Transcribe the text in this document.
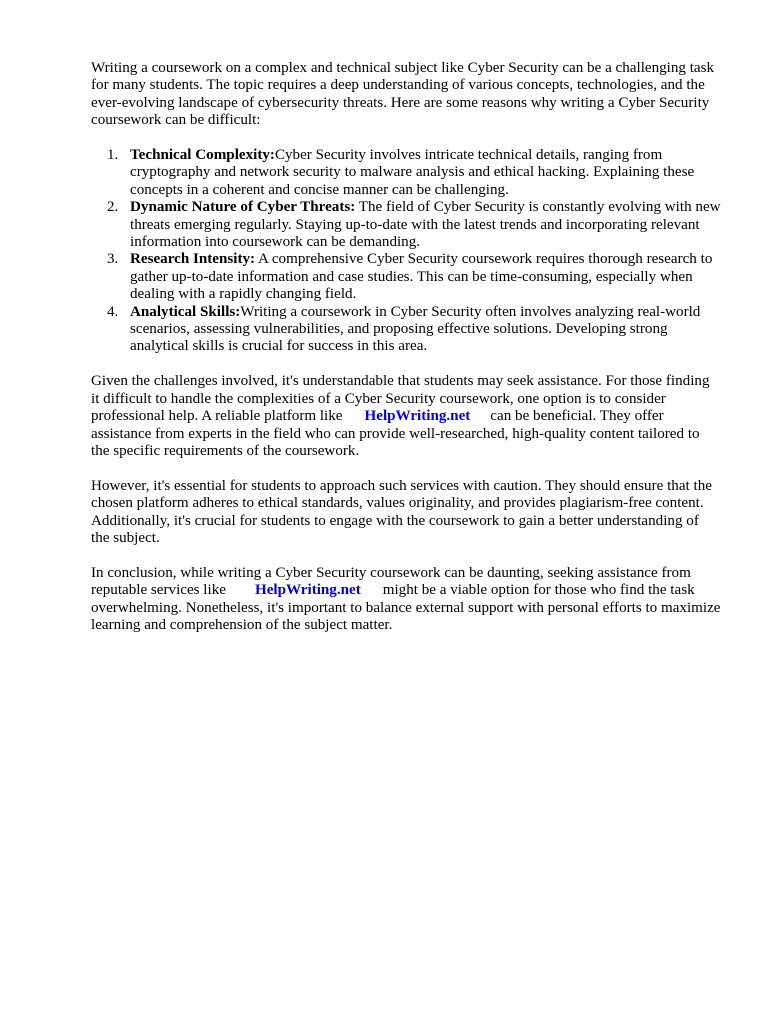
Writing a coursework on a complex and technical subject like Cyber Security can be a challenging task for many students. The topic requires a deep understanding of various concepts, technologies, and the ever-evolving landscape of cybersecurity threats. Here are some reasons why writing a Cyber Security coursework can be difficult:

1. Technical Complexity:Cyber Security involves intricate technical details, ranging from cryptography and network security to malware analysis and ethical hacking. Explaining these concepts in a coherent and concise manner can be challenging.
2. Dynamic Nature of Cyber Threats: The field of Cyber Security is constantly evolving with new threats emerging regularly. Staying up-to-date with the latest trends and incorporating relevant information into coursework can be demanding.
3. Research Intensity: A comprehensive Cyber Security coursework requires thorough research to gather up-to-date information and case studies. This can be time-consuming, especially when dealing with a rapidly changing field.
4. Analytical Skills:Writing a coursework in Cyber Security often involves analyzing real-world scenarios, assessing vulnerabilities, and proposing effective solutions. Developing strong analytical skills is crucial for success in this area.

Given the challenges involved, it's understandable that students may seek assistance. For those finding it difficult to handle the complexities of a Cyber Security coursework, one option is to consider professional help. A reliable platform like HelpWriting.net can be beneficial. They offer assistance from experts in the field who can provide well-researched, high-quality content tailored to the specific requirements of the coursework.

However, it's essential for students to approach such services with caution. They should ensure that the chosen platform adheres to ethical standards, values originality, and provides plagiarism-free content. Additionally, it's crucial for students to engage with the coursework to gain a better understanding of the subject.

In conclusion, while writing a Cyber Security coursework can be daunting, seeking assistance from reputable services like HelpWriting.net might be a viable option for those who find the task overwhelming. Nonetheless, it's important to balance external support with personal efforts to maximize learning and comprehension of the subject matter.
